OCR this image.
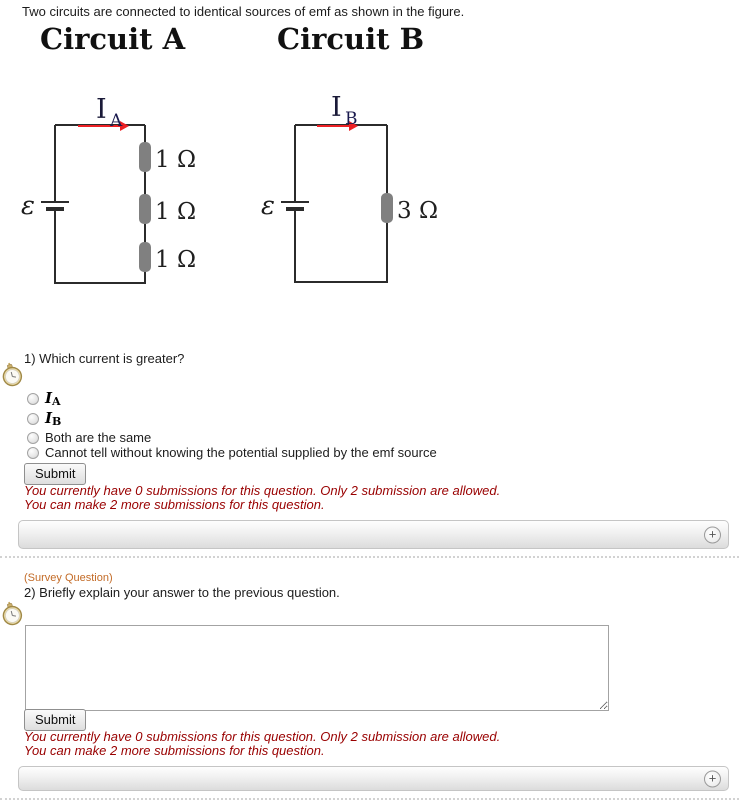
Two circuits are connected to identical sources of emf as shown in the figure.
Circuit A	Circuit B
ε
I A
1 Ω
1 Ω
1 Ω
ε
I B
3 Ω
1) Which current is greater?
IA
IB
Both are the same
Cannot tell without knowing the potential supplied by the emf source
Submit
You currently have 0 submissions for this question. Only 2 submission are allowed.
You can make 2 more submissions for this question.
+
(Survey Question)
2) Briefly explain your answer to the previous question.
Submit
You currently have 0 submissions for this question. Only 2 submission are allowed.
You can make 2 more submissions for this question.
+
